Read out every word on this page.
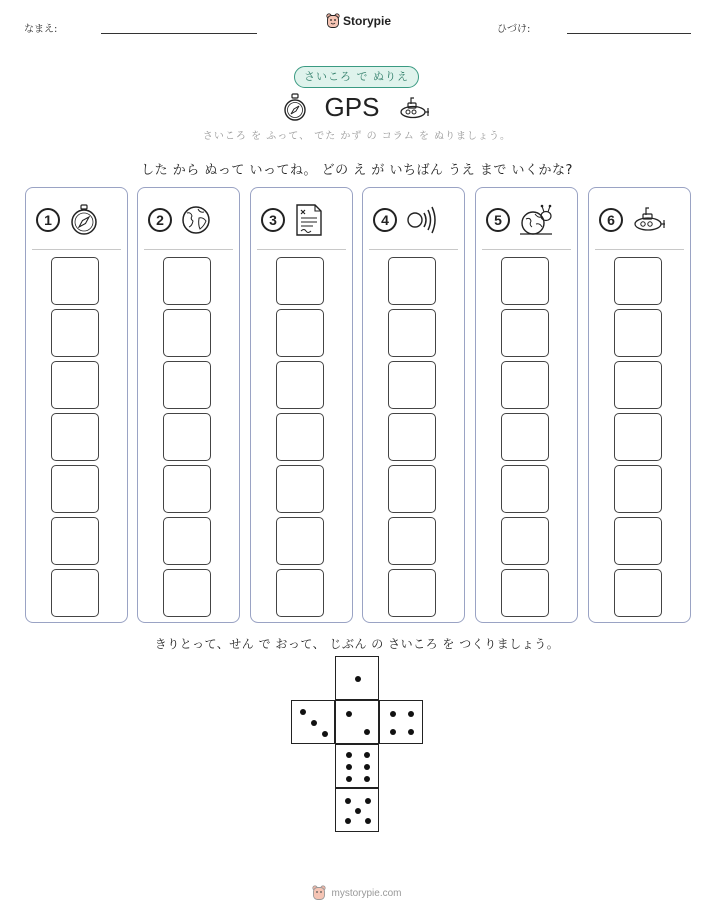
なまえ:
Storypie
ひづけ:
さいころ で ぬりえ
GPS
さいころ を ふって、 でた かず の コラム を ぬりましょう。
した から ぬって いってね。 どの え が いちばん うえ まで いくかな?
1	2	3	4	5	6
きりとって、せん で おって、 じぶん の さいころ を つくりましょう。
mystorypie.com
